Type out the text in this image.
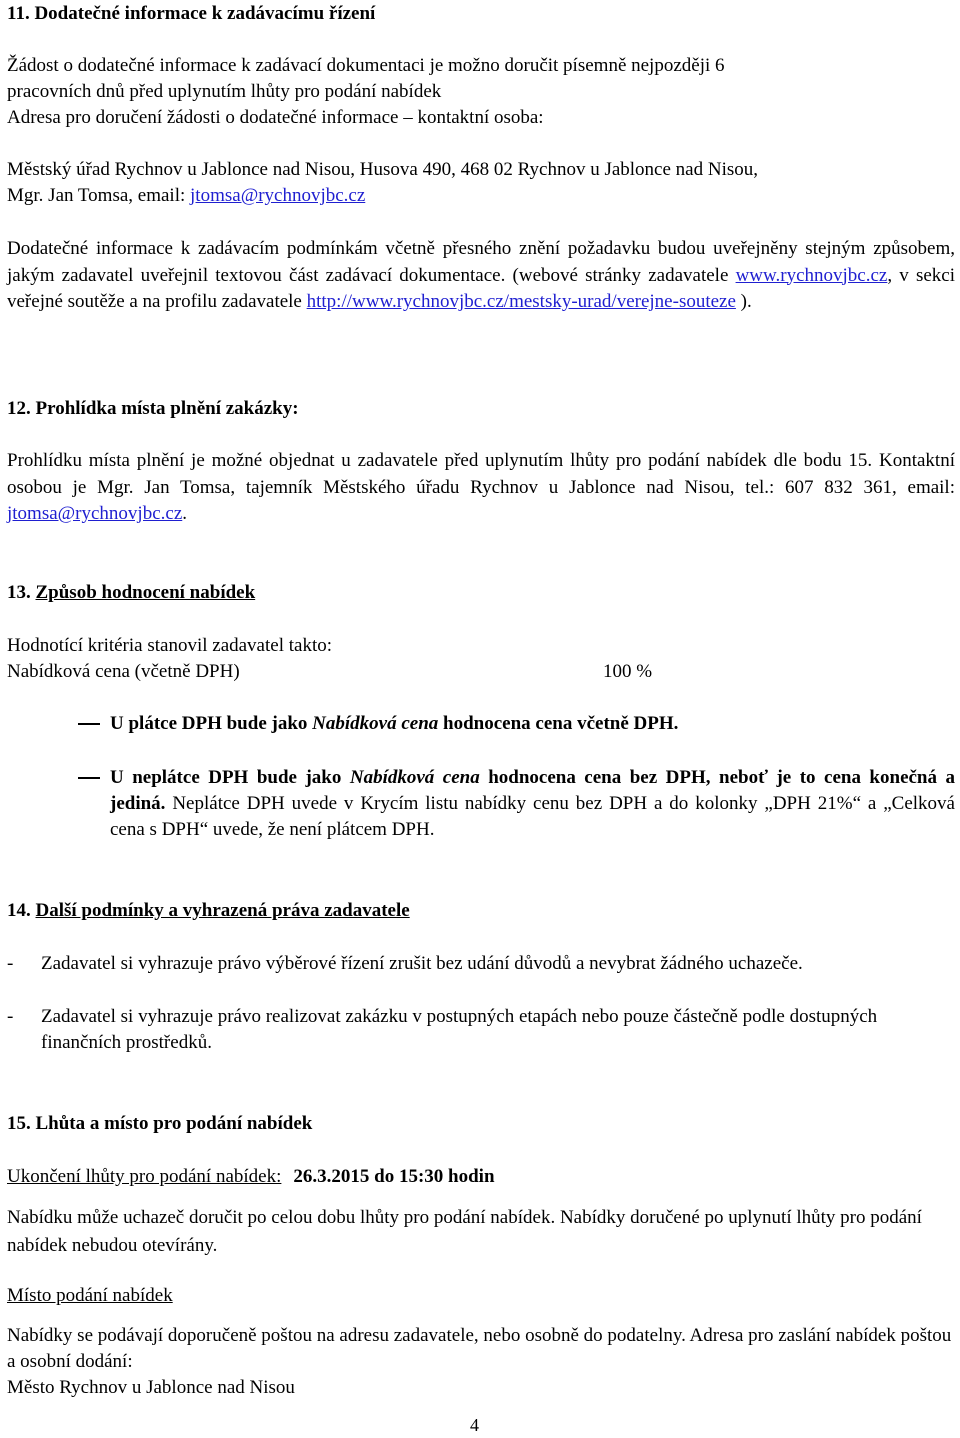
11. Dodatečné informace k zadávacímu řízení
Žádost o dodatečné informace k zadávací dokumentaci je možno doručit písemně nejpozději 6
pracovních dnů před uplynutím lhůty pro podání nabídek
Adresa pro doručení žádosti o dodatečné informace – kontaktní osoba:
Městský úřad Rychnov u Jablonce nad Nisou, Husova 490, 468 02 Rychnov u Jablonce nad Nisou,
Mgr. Jan Tomsa, email: jtomsa@rychnovjbc.cz
Dodatečné informace k zadávacím podmínkám včetně přesného znění požadavku budou uveřejněny stejným způsobem, jakým zadavatel uveřejnil textovou část zadávací dokumentace. (webové stránky zadavatele www.rychnovjbc.cz, v sekci veřejné soutěže a na profilu zadavatele http://www.rychnovjbc.cz/mestsky-urad/verejne-souteze ).
12. Prohlídka místa plnění zakázky:
Prohlídku místa plnění je možné objednat u zadavatele před uplynutím lhůty pro podání nabídek dle bodu 15. Kontaktní osobou je Mgr. Jan Tomsa, tajemník Městského úřadu Rychnov u Jablonce nad Nisou, tel.: 607 832 361, email: jtomsa@rychnovjbc.cz.
13. Způsob hodnocení nabídek
Hodnotící kritéria stanovil zadavatel takto:
Nabídková cena (včetně DPH)	100 %
U plátce DPH bude jako Nabídková cena hodnocena cena včetně DPH.
U neplátce DPH bude jako Nabídková cena hodnocena cena bez DPH, neboť je to cena konečná a jediná. Neplátce DPH uvede v Krycím listu nabídky cenu bez DPH a do kolonky „DPH 21%“ a „Celková cena s DPH“ uvede, že není plátcem DPH.
14. Další podmínky a vyhrazená práva zadavatele
- Zadavatel si vyhrazuje právo výběrové řízení zrušit bez udání důvodů a nevybrat žádného uchazeče.
- Zadavatel si vyhrazuje právo realizovat zakázku v postupných etapách nebo pouze částečně podle dostupných finančních prostředků.
15. Lhůta a místo pro podání nabídek
Ukončení lhůty pro podání nabídek: 26.3.2015 do 15:30 hodin
Nabídku může uchazeč doručit po celou dobu lhůty pro podání nabídek. Nabídky doručené po uplynutí lhůty pro podání nabídek nebudou otevírány.
Místo podání nabídek
Nabídky se podávají doporučeně poštou na adresu zadavatele, nebo osobně do podatelny. Adresa pro zaslání nabídek poštou a osobní dodání:
Město Rychnov u Jablonce nad Nisou
4
